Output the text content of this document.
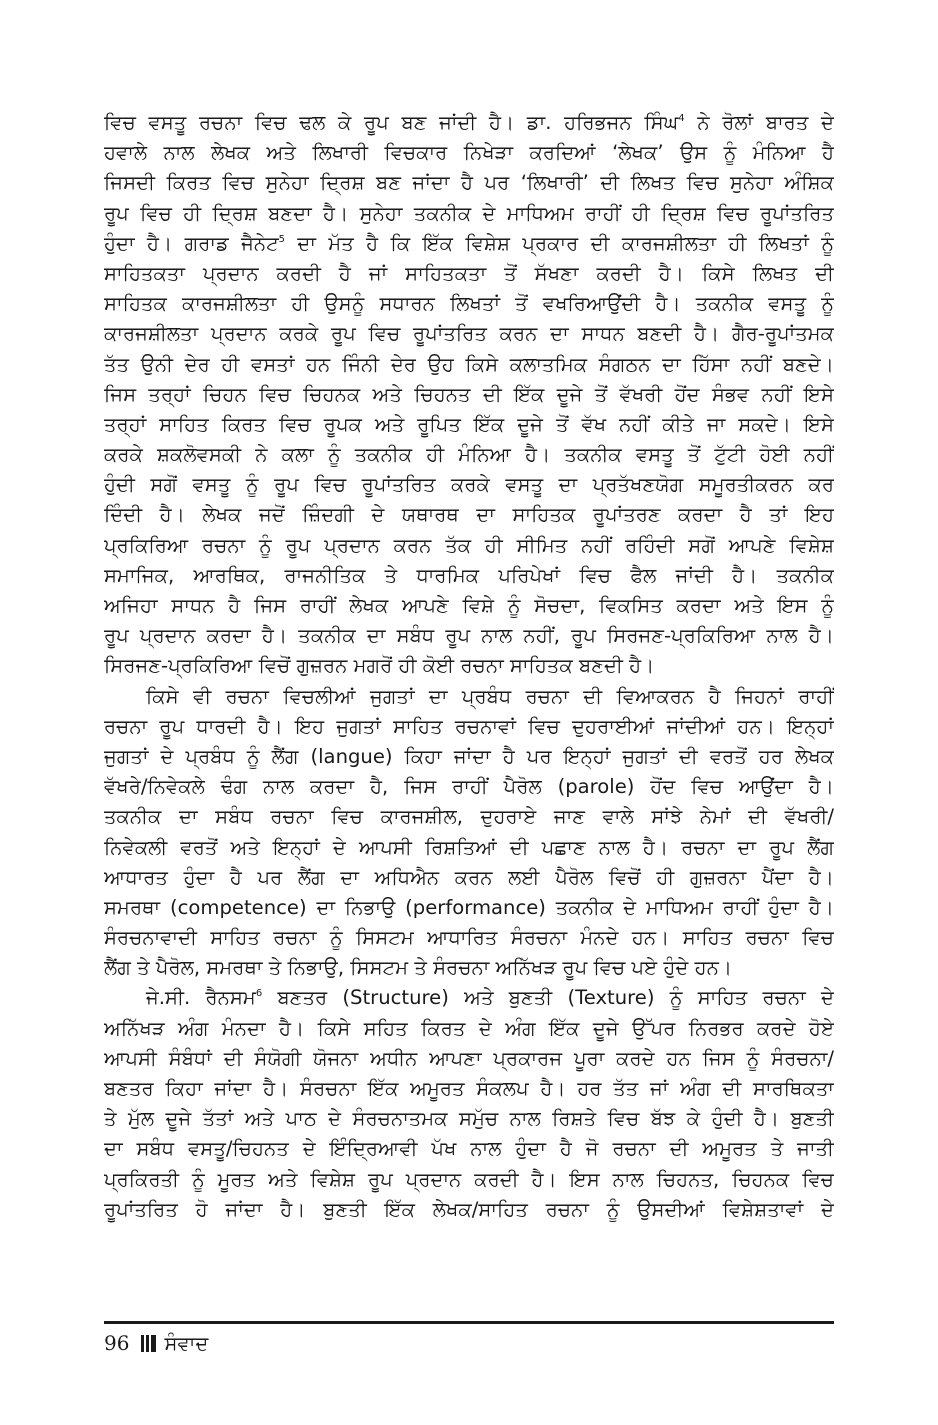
ਵਿਚ ਵਸਤੂ ਰਚਨਾ ਵਿਚ ਢਲ ਕੇ ਰੂਪ ਬਣ ਜਾਂਦੀ ਹੈ। ਡਾ. ਹਰਿਭਜਨ ਸਿੰਘ$^4$ ਨੇ ਰੋਲਾਂ ਬਾਰਤ ਦੇ
ਹਵਾਲੇ ਨਾਲ ਲੇਖਕ ਅਤੇ ਲਿਖਾਰੀ ਵਿਚਕਾਰ ਨਿਖੇੜਾ ਕਰਦਿਆਂ ‘ਲੇਖਕ’ ਉਸ ਨੂੰ ਮੰਨਿਆ ਹੈ
ਜਿਸਦੀ ਕਿਰਤ ਵਿਚ ਸੁਨੇਹਾ ਦ੍ਰਿਸ਼ ਬਣ ਜਾਂਦਾ ਹੈ ਪਰ ‘ਲਿਖਾਰੀ’ ਦੀ ਲਿਖਤ ਵਿਚ ਸੁਨੇਹਾ ਅੰਸ਼ਿਕ
ਰੂਪ ਵਿਚ ਹੀ ਦ੍ਰਿਸ਼ ਬਣਦਾ ਹੈ। ਸੁਨੇਹਾ ਤਕਨੀਕ ਦੇ ਮਾਧਿਅਮ ਰਾਹੀਂ ਹੀ ਦ੍ਰਿਸ਼ ਵਿਚ ਰੂਪਾਂਤਰਿਤ
ਹੁੰਦਾ ਹੈ। ਗਰਾਡ ਜੈਨੇਟ$^5$ ਦਾ ਮੱਤ ਹੈ ਕਿ ਇੱਕ ਵਿਸ਼ੇਸ਼ ਪ੍ਰਕਾਰ ਦੀ ਕਾਰਜਸ਼ੀਲਤਾ ਹੀ ਲਿਖਤਾਂ ਨੂੰ
ਸਾਹਿਤਕਤਾ ਪ੍ਰਦਾਨ ਕਰਦੀ ਹੈ ਜਾਂ ਸਾਹਿਤਕਤਾ ਤੋਂ ਸੱਖਣਾ ਕਰਦੀ ਹੈ। ਕਿਸੇ ਲਿਖਤ ਦੀ
ਸਾਹਿਤਕ ਕਾਰਜਸ਼ੀਲਤਾ ਹੀ ਉਸਨੂੰ ਸਧਾਰਨ ਲਿਖਤਾਂ ਤੋਂ ਵਖਰਿਆਉਂਦੀ ਹੈ। ਤਕਨੀਕ ਵਸਤੂ ਨੂੰ
ਕਾਰਜਸ਼ੀਲਤਾ ਪ੍ਰਦਾਨ ਕਰਕੇ ਰੂਪ ਵਿਚ ਰੂਪਾਂਤਰਿਤ ਕਰਨ ਦਾ ਸਾਧਨ ਬਣਦੀ ਹੈ। ਗੈਰ-ਰੂਪਾਂਤਮਕ
ਤੱਤ ਉਨੀ ਦੇਰ ਹੀ ਵਸਤਾਂ ਹਨ ਜਿੰਨੀ ਦੇਰ ਉਹ ਕਿਸੇ ਕਲਾਤਮਿਕ ਸੰਗਠਨ ਦਾ ਹਿੱਸਾ ਨਹੀਂ ਬਣਦੇ।
ਜਿਸ ਤਰ੍ਹਾਂ ਚਿਹਨ ਵਿਚ ਚਿਹਨਕ ਅਤੇ ਚਿਹਨਤ ਦੀ ਇੱਕ ਦੂਜੇ ਤੋਂ ਵੱਖਰੀ ਹੋਂਦ ਸੰਭਵ ਨਹੀਂ ਇਸੇ
ਤਰ੍ਹਾਂ ਸਾਹਿਤ ਕਿਰਤ ਵਿਚ ਰੂਪਕ ਅਤੇ ਰੂਪਿਤ ਇੱਕ ਦੂਜੇ ਤੋਂ ਵੱਖ ਨਹੀਂ ਕੀਤੇ ਜਾ ਸਕਦੇ। ਇਸੇ
ਕਰਕੇ ਸ਼ਕਲੋਵਸਕੀ ਨੇ ਕਲਾ ਨੂੰ ਤਕਨੀਕ ਹੀ ਮੰਨਿਆ ਹੈ। ਤਕਨੀਕ ਵਸਤੂ ਤੋਂ ਟੁੱਟੀ ਹੋਈ ਨਹੀਂ
ਹੁੰਦੀ ਸਗੋਂ ਵਸਤੂ ਨੂੰ ਰੂਪ ਵਿਚ ਰੂਪਾਂਤਰਿਤ ਕਰਕੇ ਵਸਤੂ ਦਾ ਪ੍ਰਤੱਖਣਯੋਗ ਸਮੂਰਤੀਕਰਨ ਕਰ
ਦਿੰਦੀ ਹੈ। ਲੇਖਕ ਜਦੋਂ ਜ਼ਿੰਦਗੀ ਦੇ ਯਥਾਰਥ ਦਾ ਸਾਹਿਤਕ ਰੂਪਾਂਤਰਣ ਕਰਦਾ ਹੈ ਤਾਂ ਇਹ
ਪ੍ਰਕਿਰਿਆ ਰਚਨਾ ਨੂੰ ਰੂਪ ਪ੍ਰਦਾਨ ਕਰਨ ਤੱਕ ਹੀ ਸੀਮਿਤ ਨਹੀਂ ਰਹਿੰਦੀ ਸਗੋਂ ਆਪਣੇ ਵਿਸ਼ੇਸ਼
ਸਮਾਜਿਕ, ਆਰਥਿਕ, ਰਾਜਨੀਤਿਕ ਤੇ ਧਾਰਮਿਕ ਪਰਿਪੇਖਾਂ ਵਿਚ ਫੈਲ ਜਾਂਦੀ ਹੈ। ਤਕਨੀਕ
ਅਜਿਹਾ ਸਾਧਨ ਹੈ ਜਿਸ ਰਾਹੀਂ ਲੇਖਕ ਆਪਣੇ ਵਿਸ਼ੇ ਨੂੰ ਸੋਚਦਾ, ਵਿਕਸਿਤ ਕਰਦਾ ਅਤੇ ਇਸ ਨੂੰ
ਰੂਪ ਪ੍ਰਦਾਨ ਕਰਦਾ ਹੈ। ਤਕਨੀਕ ਦਾ ਸਬੰਧ ਰੂਪ ਨਾਲ ਨਹੀਂ, ਰੂਪ ਸਿਰਜਣ-ਪ੍ਰਕਿਰਿਆ ਨਾਲ ਹੈ।
ਸਿਰਜਣ-ਪ੍ਰਕਿਰਿਆ ਵਿਚੋਂ ਗੁਜ਼ਰਨ ਮਗਰੋਂ ਹੀ ਕੋਈ ਰਚਨਾ ਸਾਹਿਤਕ ਬਣਦੀ ਹੈ।
ਕਿਸੇ ਵੀ ਰਚਨਾ ਵਿਚਲੀਆਂ ਜੁਗਤਾਂ ਦਾ ਪ੍ਰਬੰਧ ਰਚਨਾ ਦੀ ਵਿਆਕਰਨ ਹੈ ਜਿਹਨਾਂ ਰਾਹੀਂ
ਰਚਨਾ ਰੂਪ ਧਾਰਦੀ ਹੈ। ਇਹ ਜੁਗਤਾਂ ਸਾਹਿਤ ਰਚਨਾਵਾਂ ਵਿਚ ਦੁਹਰਾਈਆਂ ਜਾਂਦੀਆਂ ਹਨ। ਇਨ੍ਹਾਂ
ਜੁਗਤਾਂ ਦੇ ਪ੍ਰਬੰਧ ਨੂੰ ਲੈਂਗ (langue) ਕਿਹਾ ਜਾਂਦਾ ਹੈ ਪਰ ਇਨ੍ਹਾਂ ਜੁਗਤਾਂ ਦੀ ਵਰਤੋਂ ਹਰ ਲੇਖਕ
ਵੱਖਰੇ/ਨਿਵੇਕਲੇ ਢੰਗ ਨਾਲ ਕਰਦਾ ਹੈ, ਜਿਸ ਰਾਹੀਂ ਪੈਰੋਲ (parole) ਹੋਂਦ ਵਿਚ ਆਉਂਦਾ ਹੈ।
ਤਕਨੀਕ ਦਾ ਸਬੰਧ ਰਚਨਾ ਵਿਚ ਕਾਰਜਸ਼ੀਲ, ਦੁਹਰਾਏ ਜਾਣ ਵਾਲੇ ਸਾਂਝੇ ਨੇਮਾਂ ਦੀ ਵੱਖਰੀ/
ਨਿਵੇਕਲੀ ਵਰਤੋਂ ਅਤੇ ਇਨ੍ਹਾਂ ਦੇ ਆਪਸੀ ਰਿਸ਼ਤਿਆਂ ਦੀ ਪਛਾਣ ਨਾਲ ਹੈ। ਰਚਨਾ ਦਾ ਰੂਪ ਲੈਂਗ
ਆਧਾਰਤ ਹੁੰਦਾ ਹੈ ਪਰ ਲੈਂਗ ਦਾ ਅਧਿਐਨ ਕਰਨ ਲਈ ਪੈਰੋਲ ਵਿਚੋਂ ਹੀ ਗੁਜ਼ਰਨਾ ਪੈਂਦਾ ਹੈ।
ਸਮਰਥਾ (competence) ਦਾ ਨਿਭਾਉ (performance) ਤਕਨੀਕ ਦੇ ਮਾਧਿਅਮ ਰਾਹੀਂ ਹੁੰਦਾ ਹੈ।
ਸੰਰਚਨਾਵਾਦੀ ਸਾਹਿਤ ਰਚਨਾ ਨੂੰ ਸਿਸਟਮ ਆਧਾਰਿਤ ਸੰਰਚਨਾ ਮੰਨਦੇ ਹਨ। ਸਾਹਿਤ ਰਚਨਾ ਵਿਚ
ਲੈਂਗ ਤੇ ਪੈਰੋਲ, ਸਮਰਥਾ ਤੇ ਨਿਭਾਉ, ਸਿਸਟਮ ਤੇ ਸੰਰਚਨਾ ਅਨਿੱਖੜ ਰੂਪ ਵਿਚ ਪਏ ਹੁੰਦੇ ਹਨ।
ਜੇ.ਸੀ. ਰੈਨਸਮ$^6$ ਬਣਤਰ (Structure) ਅਤੇ ਬੁਣਤੀ (Texture) ਨੂੰ ਸਾਹਿਤ ਰਚਨਾ ਦੇ
ਅਨਿੱਖੜ ਅੰਗ ਮੰਨਦਾ ਹੈ। ਕਿਸੇ ਸਹਿਤ ਕਿਰਤ ਦੇ ਅੰਗ ਇੱਕ ਦੂਜੇ ਉੱਪਰ ਨਿਰਭਰ ਕਰਦੇ ਹੋਏ
ਆਪਸੀ ਸੰਬੰਧਾਂ ਦੀ ਸੰਯੋਗੀ ਯੋਜਨਾ ਅਧੀਨ ਆਪਣਾ ਪ੍ਰਕਾਰਜ ਪੂਰਾ ਕਰਦੇ ਹਨ ਜਿਸ ਨੂੰ ਸੰਰਚਨਾ/
ਬਣਤਰ ਕਿਹਾ ਜਾਂਦਾ ਹੈ। ਸੰਰਚਨਾ ਇੱਕ ਅਮੂਰਤ ਸੰਕਲਪ ਹੈ। ਹਰ ਤੱਤ ਜਾਂ ਅੰਗ ਦੀ ਸਾਰਥਿਕਤਾ
ਤੇ ਮੁੱਲ ਦੂਜੇ ਤੱਤਾਂ ਅਤੇ ਪਾਠ ਦੇ ਸੰਰਚਨਾਤਮਕ ਸਮੁੱਚ ਨਾਲ ਰਿਸ਼ਤੇ ਵਿਚ ਬੱਝ ਕੇ ਹੁੰਦੀ ਹੈ। ਬੁਣਤੀ
ਦਾ ਸਬੰਧ ਵਸਤੂ/ਚਿਹਨਤ ਦੇ ਇੰਦ੍ਰਿਆਵੀ ਪੱਖ ਨਾਲ ਹੁੰਦਾ ਹੈ ਜੋ ਰਚਨਾ ਦੀ ਅਮੂਰਤ ਤੇ ਜਾਤੀ
ਪ੍ਰਕਿਰਤੀ ਨੂੰ ਮੂਰਤ ਅਤੇ ਵਿਸ਼ੇਸ਼ ਰੂਪ ਪ੍ਰਦਾਨ ਕਰਦੀ ਹੈ। ਇਸ ਨਾਲ ਚਿਹਨਤ, ਚਿਹਨਕ ਵਿਚ
ਰੂਪਾਂਤਰਿਤ ਹੋ ਜਾਂਦਾ ਹੈ। ਬੁਣਤੀ ਇੱਕ ਲੇਖਕ/ਸਾਹਿਤ ਰਚਨਾ ਨੂੰ ਉਸਦੀਆਂ ਵਿਸ਼ੇਸ਼ਤਾਵਾਂ ਦੇ
96 ਸੰਵਾਦ
